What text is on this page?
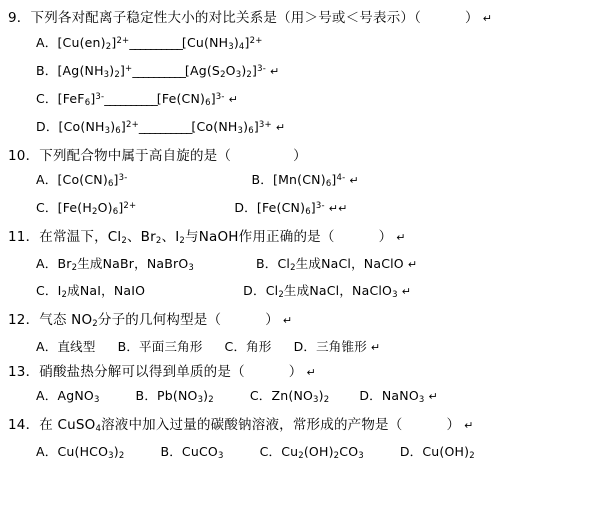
9．下列各对配离子稳定性大小的对比关系是（用＞号或＜号表示）（	） ↵
A．$[Cu(en)_2]^{2+}\_\_\_\_\_\_\_\_\_\_[Cu(NH_3)_4]^{2+}$
B．$[Ag(NH_3)_2]^+\_\_\_\_\_\_\_\_\_\_[Ag(S_2O_3)_2]^{3-}$ ↵
C．$[FeF_6]^{3-}\_\_\_\_\_\_\_\_\_\_[Fe(CN)_6]^{3-}$ ↵
D．$[Co(NH_3)_6]^{2+}\_\_\_\_\_\_\_\_\_\_[Co(NH_3)_6]^{3+}$ ↵
10．下列配合物中属于高自旋的是（	）
A．$[Co(CN)_6]^{3-}$	B．$[Mn(CN)_6]^{4-}$ ↵
C．$[Fe(H_2O)_6]^{2+}$	D．$[Fe(CN)_6]^{3-}$ ↵↵
11．在常温下，$Cl_2$、$Br_2$、$I_2$与NaOH作用正确的是（	） ↵
A．$Br_2$生成NaBr，NaBrO$_3$	B．$Cl_2$生成NaCl，NaClO ↵
C．$I_2$成NaI，NaIO	D．$Cl_2$生成NaCl，NaClO$_3$ ↵
12．气态 $NO_2$分子的几何构型是（	） ↵
A．直线型 B．平面三角形 C．角形 D．三角锥形 ↵
13．硝酸盐热分解可以得到单质的是（	） ↵
A．AgNO$_3$	B．$Pb(NO_3)_2$	C．$Zn(NO_3)_2$ D．NaNO$_3$ ↵
14．在 CuSO$_4$溶液中加入过量的碳酸钠溶液，常形成的产物是（	） ↵
A．$Cu(HCO_3)_2$	B．CuCO$_3$	C．$Cu_2(OH)_2CO_3$	D．$Cu(OH)_2$
